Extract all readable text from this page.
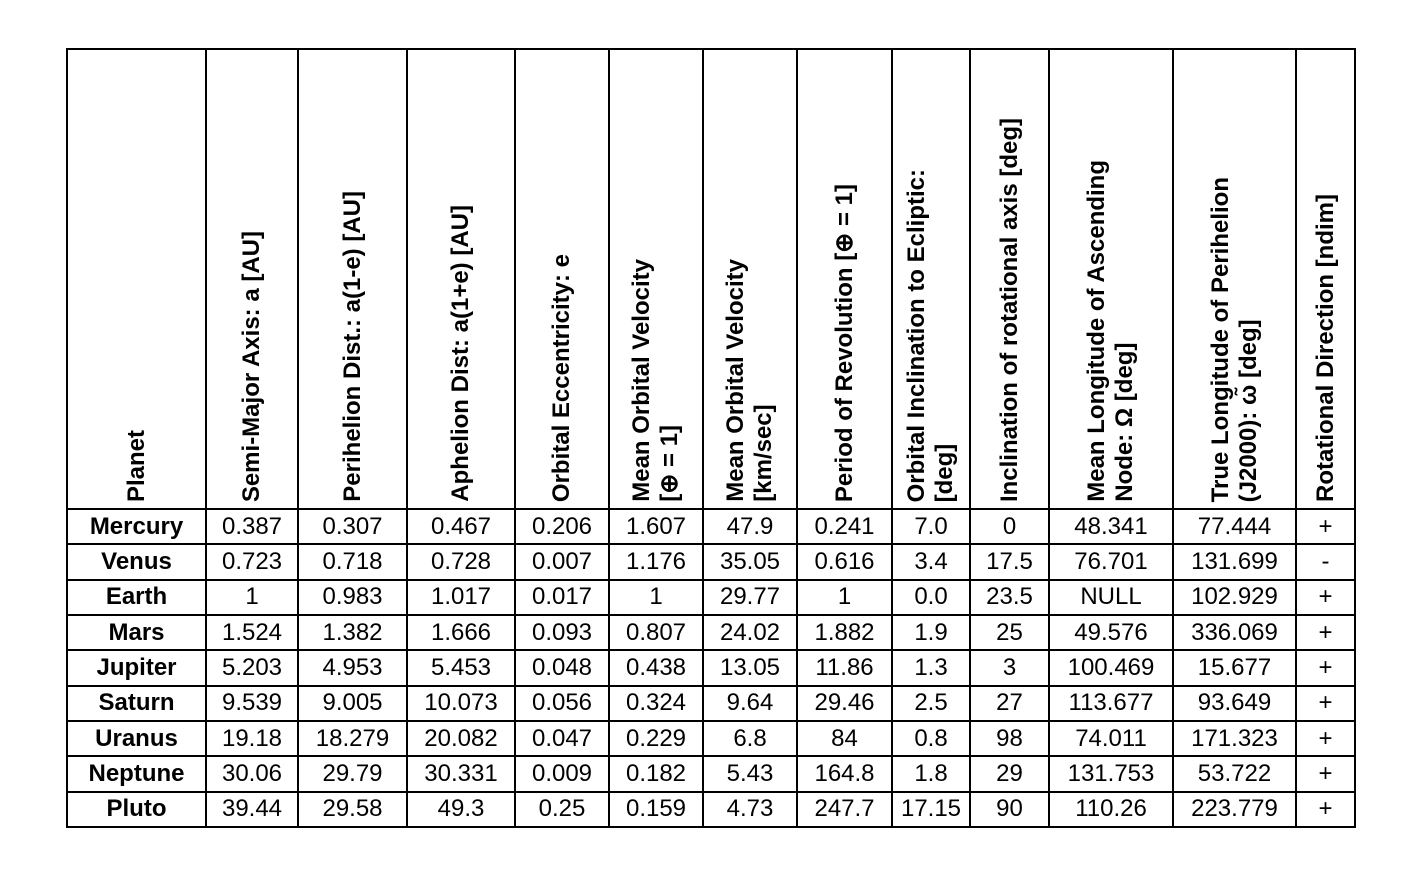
Planet	Semi-Major Axis: a [AU]	Perihelion Dist.: a(1-e) [AU]	Aphelion Dist: a(1+e) [AU]	Orbital Eccentricity: e	Mean Orbital Velocity [⊕ = 1]	Mean Orbital Velocity [km/sec]	Period of Revolution [⊕ = 1]	Orbital Inclination to Ecliptic: [deg]	Inclination of rotational axis [deg]	Mean Longitude of Ascending Node: Ω [deg]	True Longitude of Perihelion (J2000): ω̃ [deg]	Rotational Direction [ndim]

Mercury	0.387	0.307	0.467	0.206	1.607	47.9	0.241	7.0	0	48.341	77.444	+
Venus	0.723	0.718	0.728	0.007	1.176	35.05	0.616	3.4	17.5	76.701	131.699	-
Earth	1	0.983	1.017	0.017	1	29.77	1	0.0	23.5	NULL	102.929	+
Mars	1.524	1.382	1.666	0.093	0.807	24.02	1.882	1.9	25	49.576	336.069	+
Jupiter	5.203	4.953	5.453	0.048	0.438	13.05	11.86	1.3	3	100.469	15.677	+
Saturn	9.539	9.005	10.073	0.056	0.324	9.64	29.46	2.5	27	113.677	93.649	+
Uranus	19.18	18.279	20.082	0.047	0.229	6.8	84	0.8	98	74.011	171.323	+
Neptune	30.06	29.79	30.331	0.009	0.182	5.43	164.8	1.8	29	131.753	53.722	+
Pluto	39.44	29.58	49.3	0.25	0.159	4.73	247.7	17.15	90	110.26	223.779	+
